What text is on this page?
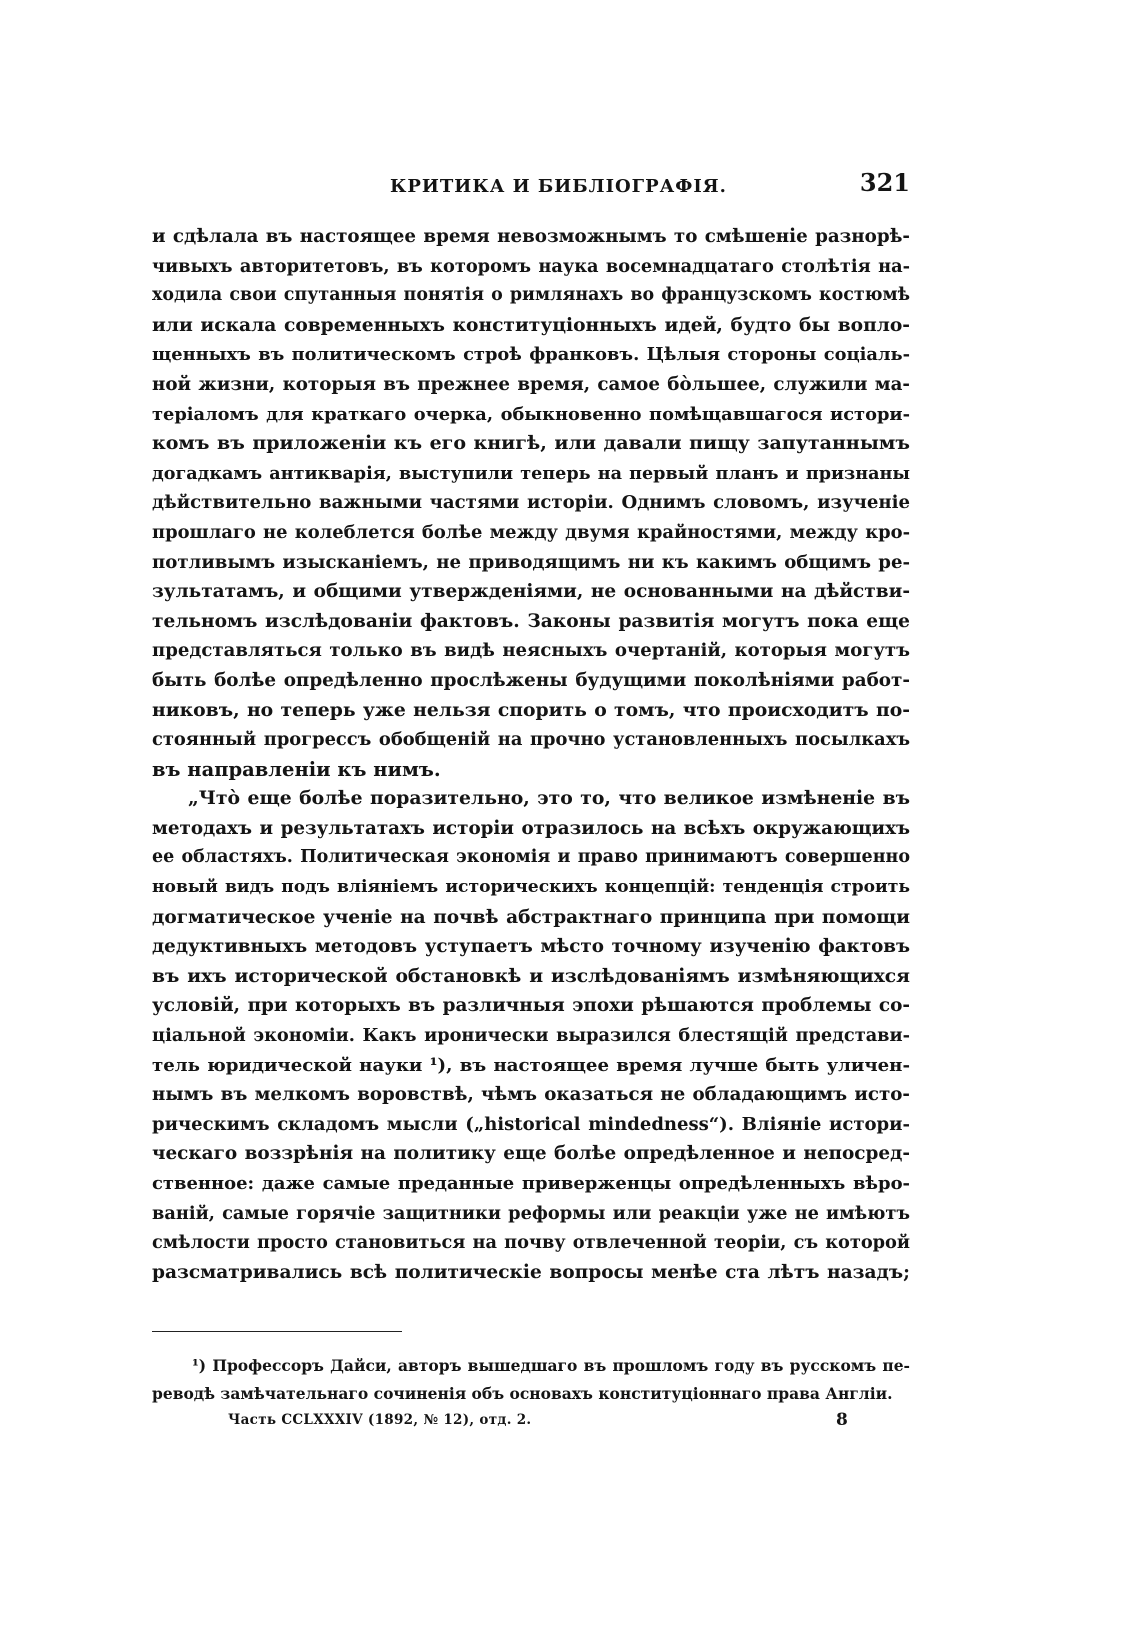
КРИТИКА И БИБЛІОГРАФІЯ.	321
и сдѣлала въ настоящее время невозможнымъ то смѣшеніе разнорѣ-
чивыхъ авторитетовъ, въ которомъ наука восемнадцатаго столѣтія на-
ходила свои спутанныя понятія о римлянахъ во французскомъ костюмѣ
или искала современныхъ конституціонныхъ идей, будто бы вопло-
щенныхъ въ политическомъ строѣ франковъ. Цѣлыя стороны соціаль-
ной жизни, которыя въ прежнее время, самое бо̀льшее, служили ма-
теріаломъ для краткаго очерка, обыкновенно помѣщавшагося истори-
комъ въ приложеніи къ его книгѣ, или давали пищу запутаннымъ
догадкамъ антикварія, выступили теперь на первый планъ и признаны
дѣйствительно важными частями исторіи. Однимъ словомъ, изученіе
прошлаго не колеблется болѣе между двумя крайностями, между кро-
потливымъ изысканіемъ, не приводящимъ ни къ какимъ общимъ ре-
зультатамъ, и общими утвержденіями, не основанными на дѣйстви-
тельномъ изслѣдованіи фактовъ. Законы развитія могутъ пока еще
представляться только въ видѣ неясныхъ очертаній, которыя могутъ
быть болѣе опредѣленно прослѣжены будущими поколѣніями работ-
никовъ, но теперь уже нельзя спорить о томъ, что происходитъ по-
стоянный прогрессъ обобщеній на прочно установленныхъ посылкахъ
въ направленіи къ нимъ.
„Что̀ еще болѣе поразительно, это то, что великое измѣненіе въ
методахъ и результатахъ исторіи отразилось на всѣхъ окружающихъ
ее областяхъ. Политическая экономія и право принимаютъ совершенно
новый видъ подъ вліяніемъ историческихъ концепцій: тенденція строить
догматическое ученіе на почвѣ абстрактнаго принципа при помощи
дедуктивныхъ методовъ уступаетъ мѣсто точному изученію фактовъ
въ ихъ исторической обстановкѣ и изслѣдованіямъ измѣняющихся
условій, при которыхъ въ различныя эпохи рѣшаются проблемы со-
ціальной экономіи. Какъ иронически выразился блестящій представи-
тель юридической науки ¹), въ настоящее время лучше быть уличен-
нымъ въ мелкомъ воровствѣ, чѣмъ оказаться не обладающимъ исто-
рическимъ складомъ мысли („historical mindedness“). Вліяніе истори-
ческаго воззрѣнія на политику еще болѣе опредѣленное и непосред-
ственное: даже самые преданные приверженцы опредѣленныхъ вѣро-
ваній, самые горячіе защитники реформы или реакціи уже не имѣютъ
смѣлости просто становиться на почву отвлеченной теоріи, съ которой
разсматривались всѣ политическіе вопросы менѣе ста лѣтъ назадъ;
¹) Профессоръ Дайси, авторъ вышедшаго въ прошломъ году въ русскомъ пе-
реводѣ замѣчательнаго сочиненія объ основахъ конституціоннаго права Англіи.
Часть CCLXXXIV (1892, № 12), отд. 2.	8
